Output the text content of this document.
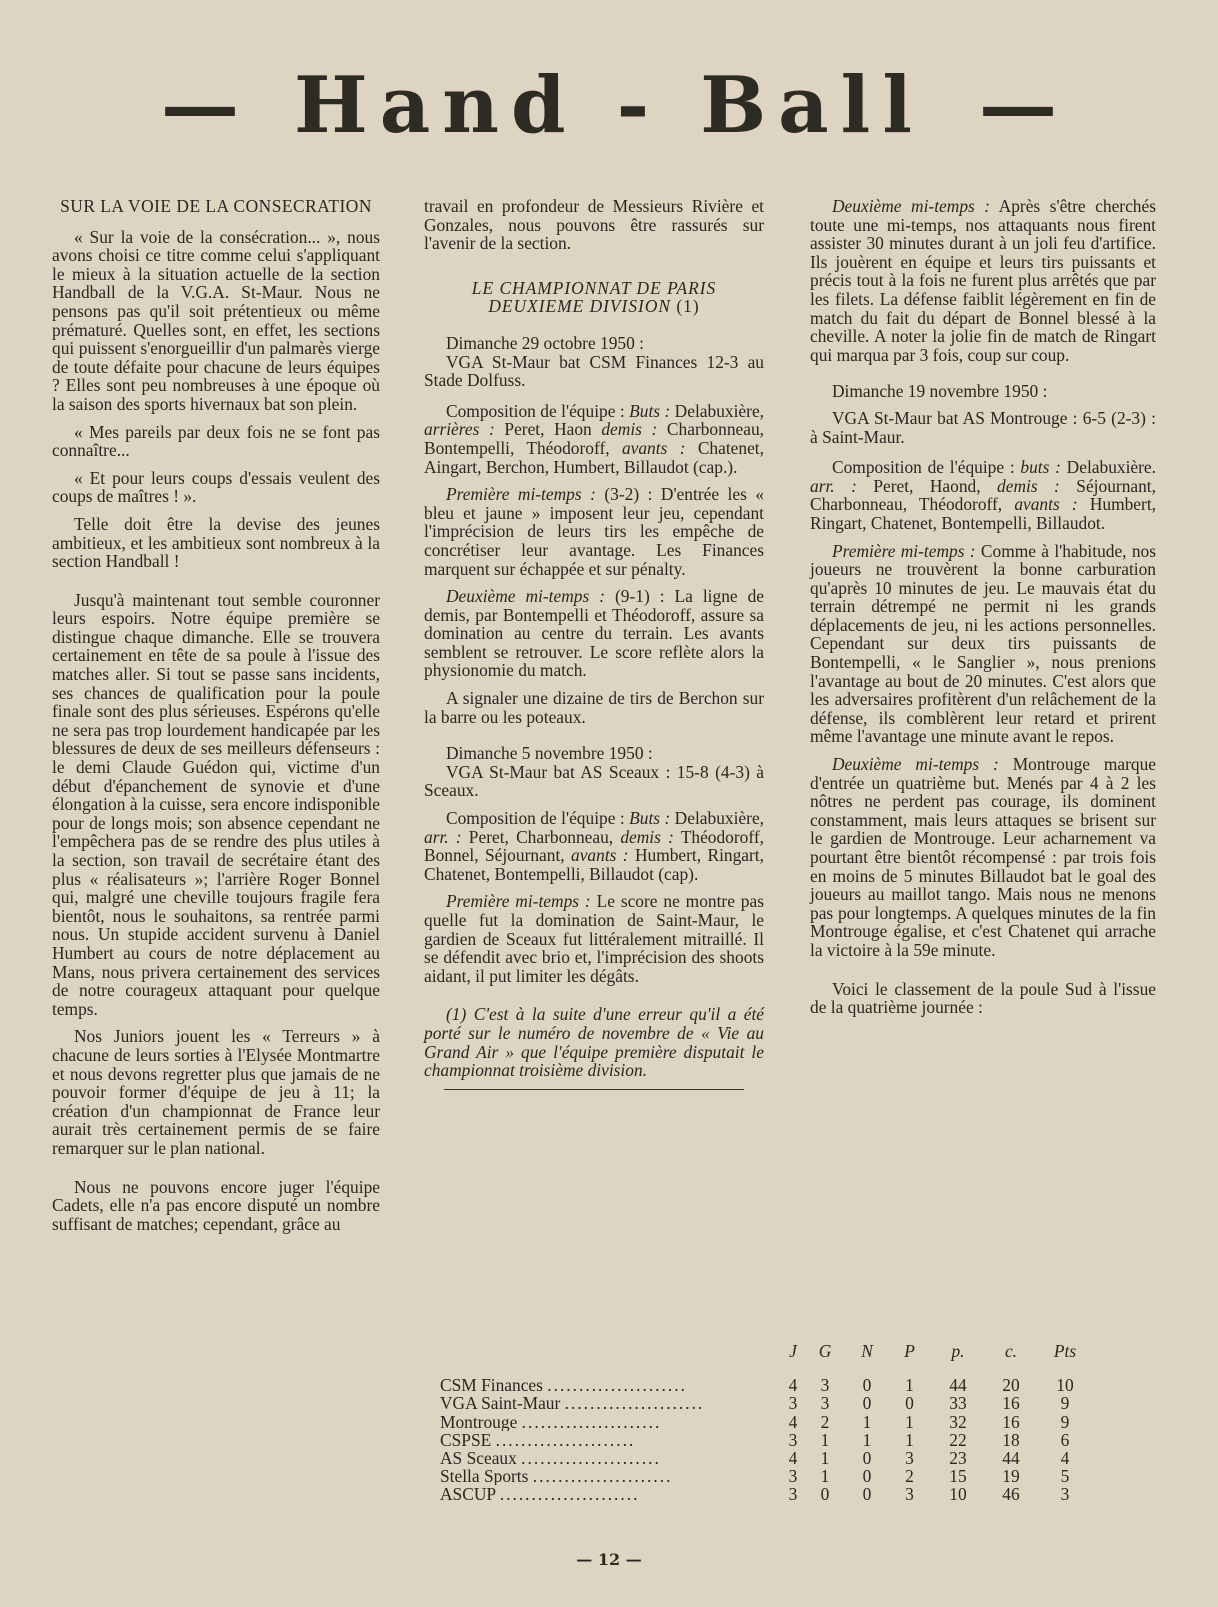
— Hand - Ball —
SUR LA VOIE DE LA CONSECRATION

« Sur la voie de la consécration... », nous avons choisi ce titre comme celui s'appliquant le mieux à la situation actuelle de la section Handball de la V.G.A. St-Maur. Nous ne pensons pas qu'il soit prétentieux ou même prématuré. Quelles sont, en effet, les sections qui puissent s'enorgueillir d'un palmarès vierge de toute défaite pour chacune de leurs équipes ? Elles sont peu nombreuses à une époque où la saison des sports hivernaux bat son plein.

« Mes pareils par deux fois ne se font pas connaître...

« Et pour leurs coups d'essais veulent des coups de maîtres ! ».

Telle doit être la devise des jeunes ambitieux, et les ambitieux sont nombreux à la section Handball !

Jusqu'à maintenant tout semble couronner leurs espoirs. Notre équipe première se distingue chaque dimanche. Elle se trouvera certainement en tête de sa poule à l'issue des matches aller. Si tout se passe sans incidents, ses chances de qualification pour la poule finale sont des plus sérieuses. Espérons qu'elle ne sera pas trop lourdement handicapée par les blessures de deux de ses meilleurs défenseurs : le demi Claude Guédon qui, victime d'un début d'épanchement de synovie et d'une élongation à la cuisse, sera encore indisponible pour de longs mois; son absence cependant ne l'empêchera pas de se rendre des plus utiles à la section, son travail de secrétaire étant des plus « réalisateurs »; l'arrière Roger Bonnel qui, malgré une cheville toujours fragile fera bientôt, nous le souhaitons, sa rentrée parmi nous. Un stupide accident survenu à Daniel Humbert au cours de notre déplacement au Mans, nous privera certainement des services de notre courageux attaquant pour quelque temps.

Nos Juniors jouent les « Terreurs » à chacune de leurs sorties à l'Elysée Montmartre et nous devons regretter plus que jamais de ne pouvoir former d'équipe de jeu à 11; la création d'un championnat de France leur aurait très certainement permis de se faire remarquer sur le plan national.

Nous ne pouvons encore juger l'équipe Cadets, elle n'a pas encore disputé un nombre suffisant de matches; cependant, grâce au

travail en profondeur de Messieurs Rivière et Gonzales, nous pouvons être rassurés sur l'avenir de la section.

LE CHAMPIONNAT DE PARIS
DEUXIEME DIVISION (1)

Dimanche 29 octobre 1950 :

VGA St-Maur bat CSM Finances 12-3 au Stade Dolfuss.

Composition de l'équipe : Buts : Delabuxière, arrières : Peret, Haon demis : Charbonneau, Bontempelli, Théodoroff, avants : Chatenet, Aingart, Berchon, Humbert, Billaudot (cap.).

Première mi-temps : (3-2) : D'entrée les « bleu et jaune » imposent leur jeu, cependant l'imprécision de leurs tirs les empêche de concrétiser leur avantage. Les Finances marquent sur échappée et sur pénalty.

Deuxième mi-temps : (9-1) : La ligne de demis, par Bontempelli et Théodoroff, assure sa domination au centre du terrain. Les avants semblent se retrouver. Le score reflète alors la physionomie du match.

A signaler une dizaine de tirs de Berchon sur la barre ou les poteaux.

Dimanche 5 novembre 1950 :

VGA St-Maur bat AS Sceaux : 15-8 (4-3) à Sceaux.

Composition de l'équipe : Buts : Delabuxière, arr. : Peret, Charbonneau, demis : Théodoroff, Bonnel, Séjournant, avants : Humbert, Ringart, Chatenet, Bontempelli, Billaudot (cap).

Première mi-temps : Le score ne montre pas quelle fut la domination de Saint-Maur, le gardien de Sceaux fut littéralement mitraillé. Il se défendit avec brio et, l'imprécision des shoots aidant, il put limiter les dégâts.

(1) C'est à la suite d'une erreur qu'il a été porté sur le numéro de novembre de « Vie au Grand Air » que l'équipe première disputait le championnat troisième division.

Deuxième mi-temps : Après s'être cherchés toute une mi-temps, nos attaquants nous firent assister 30 minutes durant à un joli feu d'artifice. Ils jouèrent en équipe et leurs tirs puissants et précis tout à la fois ne furent plus arrêtés que par les filets. La défense faiblit légèrement en fin de match du fait du départ de Bonnel blessé à la cheville. A noter la jolie fin de match de Ringart qui marqua par 3 fois, coup sur coup.

Dimanche 19 novembre 1950 :

VGA St-Maur bat AS Montrouge : 6-5 (2-3) : à Saint-Maur.

Composition de l'équipe : buts : Delabuxière. arr. : Peret, Haond, demis : Séjournant, Charbonneau, Théodoroff, avants : Humbert, Ringart, Chatenet, Bontempelli, Billaudot.

Première mi-temps : Comme à l'habitude, nos joueurs ne trouvèrent la bonne carburation qu'après 10 minutes de jeu. Le mauvais état du terrain détrempé ne permit ni les grands déplacements de jeu, ni les actions personnelles. Cependant sur deux tirs puissants de Bontempelli, « le Sanglier », nous prenions l'avantage au bout de 20 minutes. C'est alors que les adversaires profitèrent d'un relâchement de la défense, ils comblèrent leur retard et prirent même l'avantage une minute avant le repos.

Deuxième mi-temps : Montrouge marque d'entrée un quatrième but. Menés par 4 à 2 les nôtres ne perdent pas courage, ils dominent constamment, mais leurs attaques se brisent sur le gardien de Montrouge. Leur acharnement va pourtant être bientôt récompensé : par trois fois en moins de 5 minutes Billaudot bat le goal des joueurs au maillot tango. Mais nous ne menons pas pour longtemps. A quelques minutes de la fin Montrouge égalise, et c'est Chatenet qui arrache la victoire à la 59e minute.

Voici le classement de la poule Sud à l'issue de la quatrième journée :

J	G	N	P	p.	c.	Pts
CSM Finances ......................	4	3	0	1	44	20	10
VGA Saint-Maur ......................	3	3	0	0	33	16	9
Montrouge ......................	4	2	1	1	32	16	9
CSPSE ......................	3	1	1	1	22	18	6
AS Sceaux ......................	4	1	0	3	23	44	4
Stella Sports ......................	3	1	0	2	15	19	5
ASCUP ......................	3	0	0	3	10	46	3
— 12 —
